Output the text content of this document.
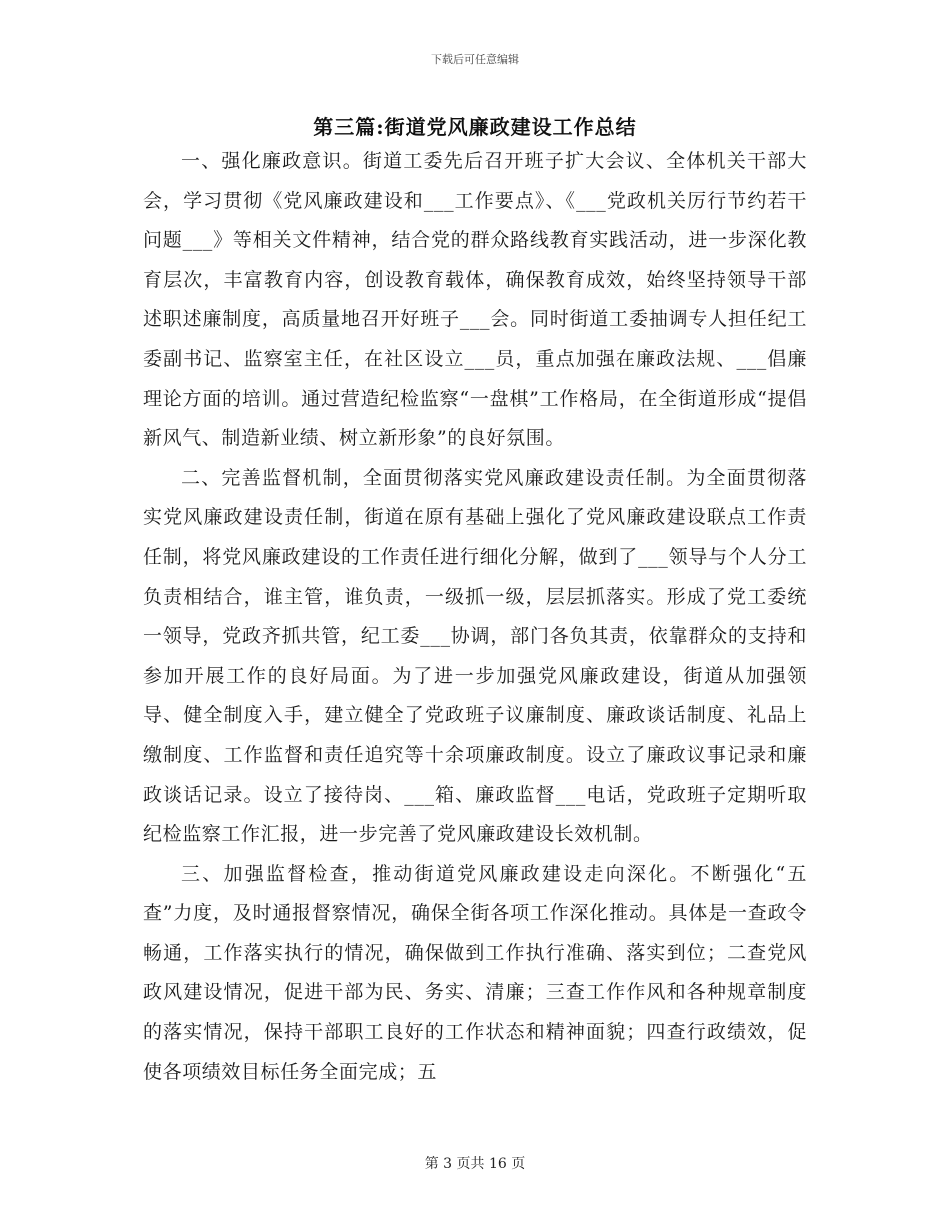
下载后可任意编辑
第三篇:街道党风廉政建设工作总结

一、强化廉政意识。街道工委先后召开班子扩大会议、全体机关干部大会，学习贯彻《党风廉政建设和___工作要点》、《___党政机关厉行节约若干问题___》等相关文件精神，结合党的群众路线教育实践活动，进一步深化教育层次，丰富教育内容，创设教育载体，确保教育成效，始终坚持领导干部述职述廉制度，高质量地召开好班子___会。同时街道工委抽调专人担任纪工委副书记、监察室主任，在社区设立___员，重点加强在廉政法规、___倡廉理论方面的培训。通过营造纪检监察“一盘棋”工作格局，在全街道形成“提倡新风气、制造新业绩、树立新形象”的良好氛围。

二、完善监督机制，全面贯彻落实党风廉政建设责任制。为全面贯彻落实党风廉政建设责任制，街道在原有基础上强化了党风廉政建设联点工作责任制，将党风廉政建设的工作责任进行细化分解，做到了___领导与个人分工负责相结合，谁主管，谁负责，一级抓一级，层层抓落实。形成了党工委统一领导，党政齐抓共管，纪工委___协调，部门各负其责，依靠群众的支持和参加开展工作的良好局面。为了进一步加强党风廉政建设，街道从加强领导、健全制度入手，建立健全了党政班子议廉制度、廉政谈话制度、礼品上缴制度、工作监督和责任追究等十余项廉政制度。设立了廉政议事记录和廉政谈话记录。设立了接待岗、___箱、廉政监督___电话，党政班子定期听取纪检监察工作汇报，进一步完善了党风廉政建设长效机制。

三、加强监督检查，推动街道党风廉政建设走向深化。不断强化“五查”力度，及时通报督察情况，确保全街各项工作深化推动。具体是一查政令畅通，工作落实执行的情况，确保做到工作执行准确、落实到位；二查党风政风建设情况，促进干部为民、务实、清廉；三查工作作风和各种规章制度的落实情况，保持干部职工良好的工作状态和精神面貌；四查行政绩效，促使各项绩效目标任务全面完成；五

第 3 页共 16 页
